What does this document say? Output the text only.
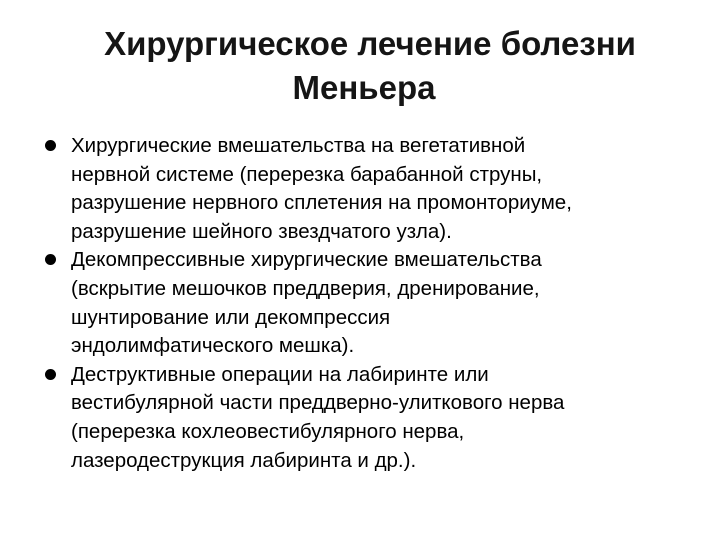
Хирургическое лечение болезни
Меньера
Хирургические вмешательства на вегетативной
нервной системе (перерезка барабанной струны,
разрушение нервного сплетения на промонториуме,
разрушение шейного звездчатого узла).
Декомпрессивные хирургические вмешательства
(вскрытие мешочков преддверия, дренирование,
шунтирование или декомпрессия
эндолимфатического мешка).
Деструктивные операции на лабиринте или
вестибулярной части преддверно-улиткового нерва
(перерезка кохлеовестибулярного нерва,
лазеродеструкция лабиринта и др.).
